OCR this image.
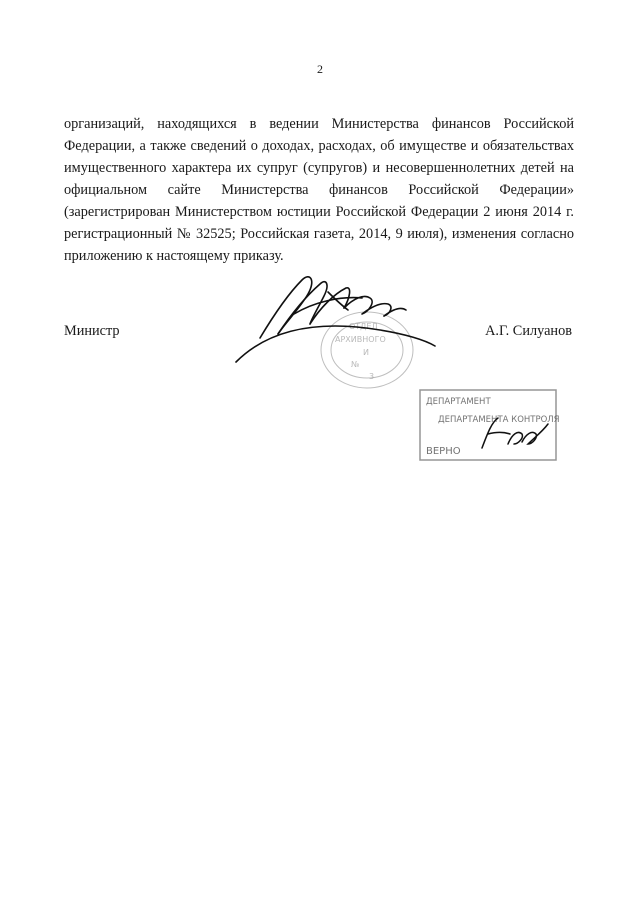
2
организаций, находящихся в ведении Министерства финансов Российской
Федерации, а также сведений о доходах, расходах, об имуществе и обязательствах
имущественного характера их супруг (супругов) и несовершеннолетних детей на
официальном сайте Министерства финансов Российской Федерации»
(зарегистрирован Министерством юстиции Российской Федерации 2 июня 2014 г.
регистрационный № 32525; Российская газета, 2014, 9 июля), изменения согласно
приложению к настоящему приказу.
ОТДЕЛ
АРХИВНОГО
И
№
3
Министр	А.Г. Силуанов
ДЕПАРТАМЕНТ
ДЕПАРТАМЕНТА КОНТРОЛЯ
ВЕРНО
